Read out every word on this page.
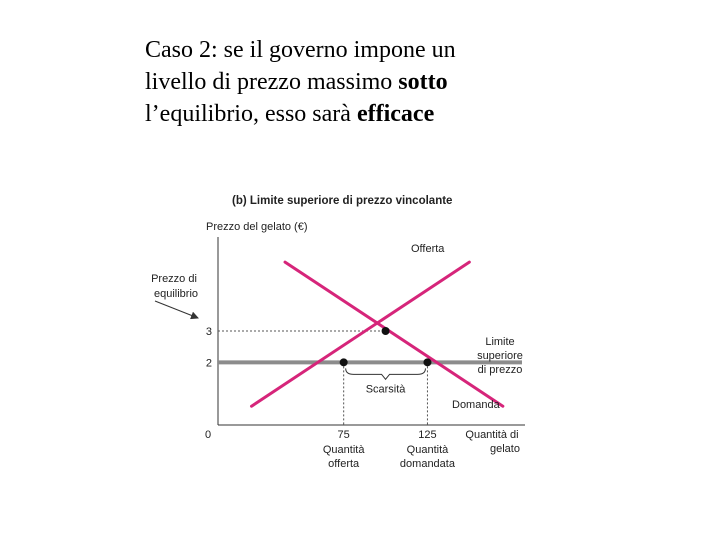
Caso 2: se il governo impone un
livello di prezzo massimo sotto
l’equilibrio, esso sarà efficace
(b) Limite superiore di prezzo vincolante
Prezzo del gelato (€)
0
Prezzo di
equilibrio
Scarsità
3
2
75	125
Quantità
offerta
Quantità
domandata
Offerta
Domanda
Limite
superiore
di prezzo
Quantità di
gelato
